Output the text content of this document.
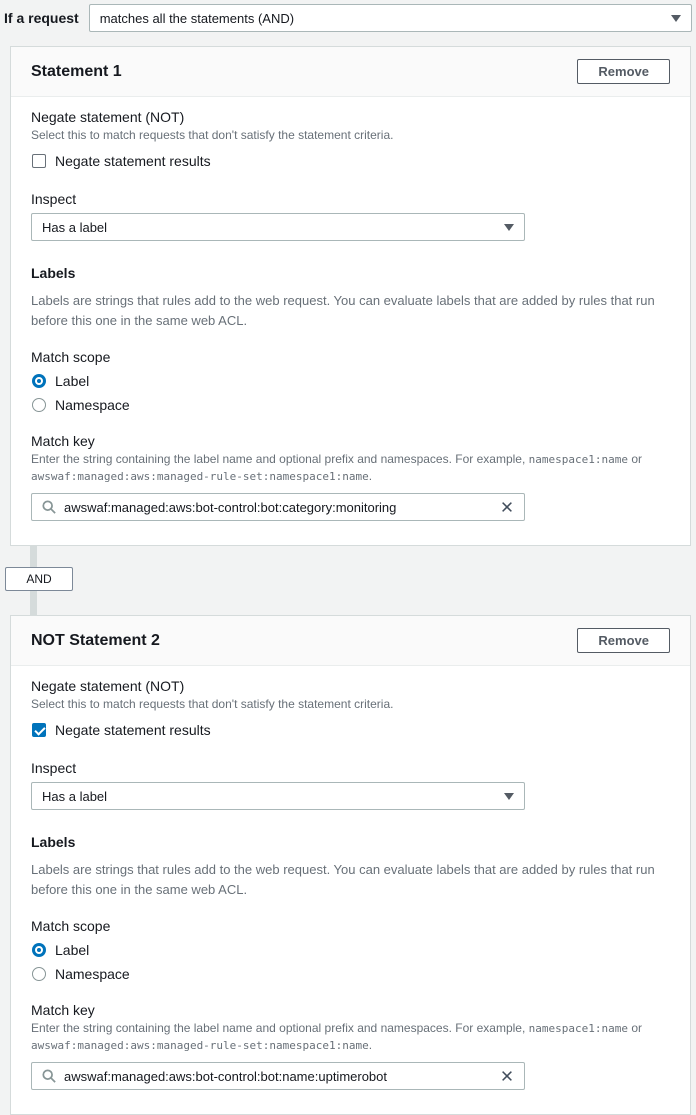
If a request matches all the statements (AND)
Statement 1	Remove
Negate statement (NOT)
Select this to match requests that don't satisfy the statement criteria.
Negate statement results
Inspect
Has a label
Labels

Labels are strings that rules add to the web request. You can evaluate labels that are added by rules that run before this one in the same web ACL.

Match scope
Label
Namespace
Match key
Enter the string containing the label name and optional prefix and namespaces. For example, namespace1:name or awswaf:managed:aws:managed-rule-set:namespace1:name.
awswaf:managed:aws:bot-control:bot:category:monitoring
AND
NOT Statement 2	Remove
Negate statement (NOT)
Select this to match requests that don't satisfy the statement criteria.
Negate statement results
Inspect
Has a label
Labels

Labels are strings that rules add to the web request. You can evaluate labels that are added by rules that run before this one in the same web ACL.

Match scope
Label
Namespace
Match key
Enter the string containing the label name and optional prefix and namespaces. For example, namespace1:name or awswaf:managed:aws:managed-rule-set:namespace1:name.
awswaf:managed:aws:bot-control:bot:name:uptimerobot
